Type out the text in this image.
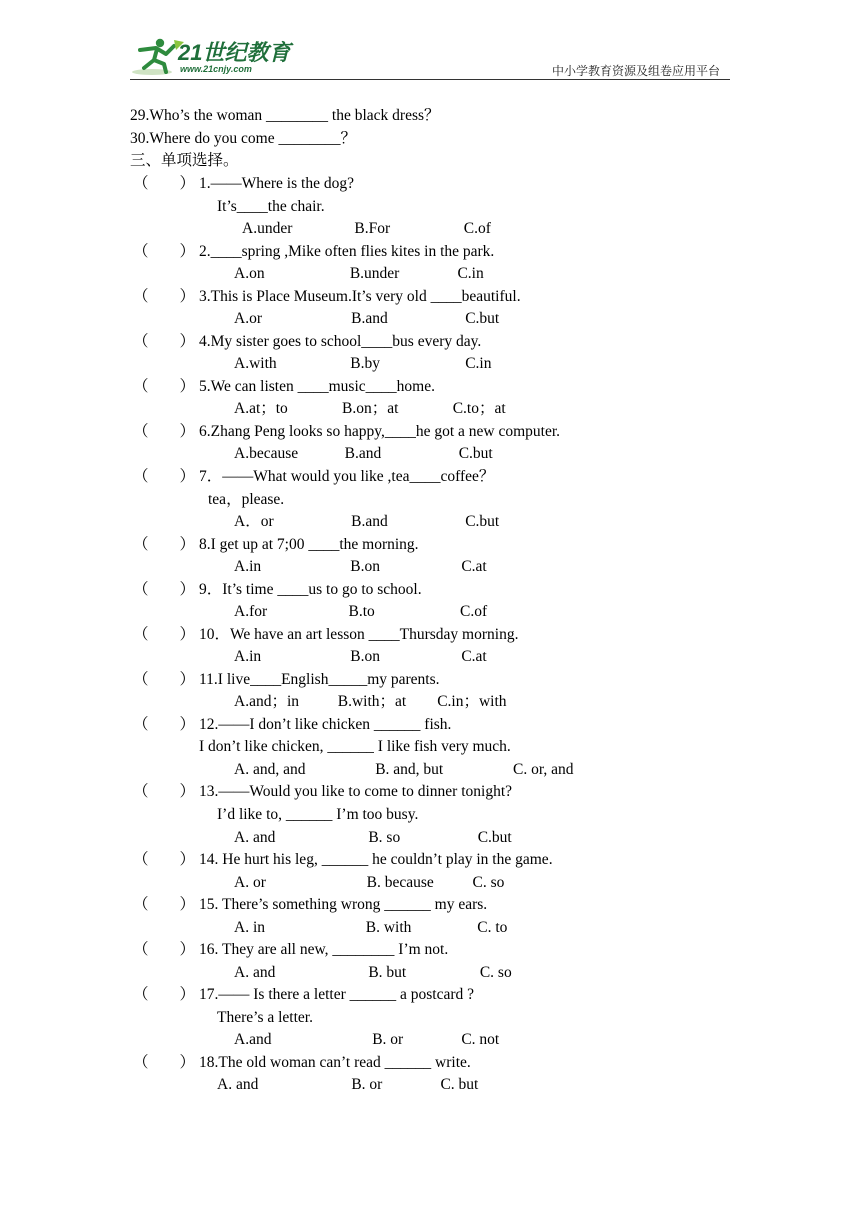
21世纪教育
www.21cnjy.com	中小学教育资源及组卷应用平台
29.Who’s the woman ________ the black dress？
30.Where do you come ________？
三、单项选择。
（        ） 1.——Where is the dog?
It’s____the chair.
A.under                B.For                   C.of
（        ） 2.____spring ,Mike often flies kites in the park.
A.on                      B.under               C.in
（        ） 3.This is Place Museum.It’s very old ____beautiful.
A.or                       B.and                    C.but
（        ） 4.My sister goes to school____bus every day.
A.with                   B.by                      C.in
（        ） 5.We can listen ____music____home.
A.at；to              B.on；at              C.to；at
（        ） 6.Zhang Peng looks so happy,____he got a new computer.
A.because            B.and                    C.but
（        ） 7．——What would you like ,tea____coffee？
tea，please.
A．or                    B.and                    C.but
（        ） 8.I get up at 7;00 ____the morning.
A.in                       B.on                     C.at
（        ） 9．It’s time ____us to go to school.
A.for                     B.to                      C.of
（        ） 10．We have an art lesson ____Thursday morning.
A.in                       B.on                     C.at
（        ） 11.I live____English_____my parents.
A.and；in          B.with；at        C.in；with
（        ） 12.——I don’t like chicken ______ fish.
I don’t like chicken, ______ I like fish very much.
A. and, and                  B. and, but                  C. or, and
（        ） 13.——Would you like to come to dinner tonight?
I’d like to, ______ I’m too busy.
A. and                        B. so                    C.but
（        ） 14. He hurt his leg, ______ he couldn’t play in the game.
A. or                          B. because          C. so
（        ） 15. There’s something wrong ______ my ears.
A. in                          B. with                 C. to
（        ） 16. They are all new, ________ I’m not.
A. and                        B. but                   C. so
（        ） 17.—— Is there a letter ______ a postcard ?
There’s a letter.
A.and                          B. or               C. not
（        ） 18.The old woman can’t read ______ write.
A. and                        B. or               C. but
